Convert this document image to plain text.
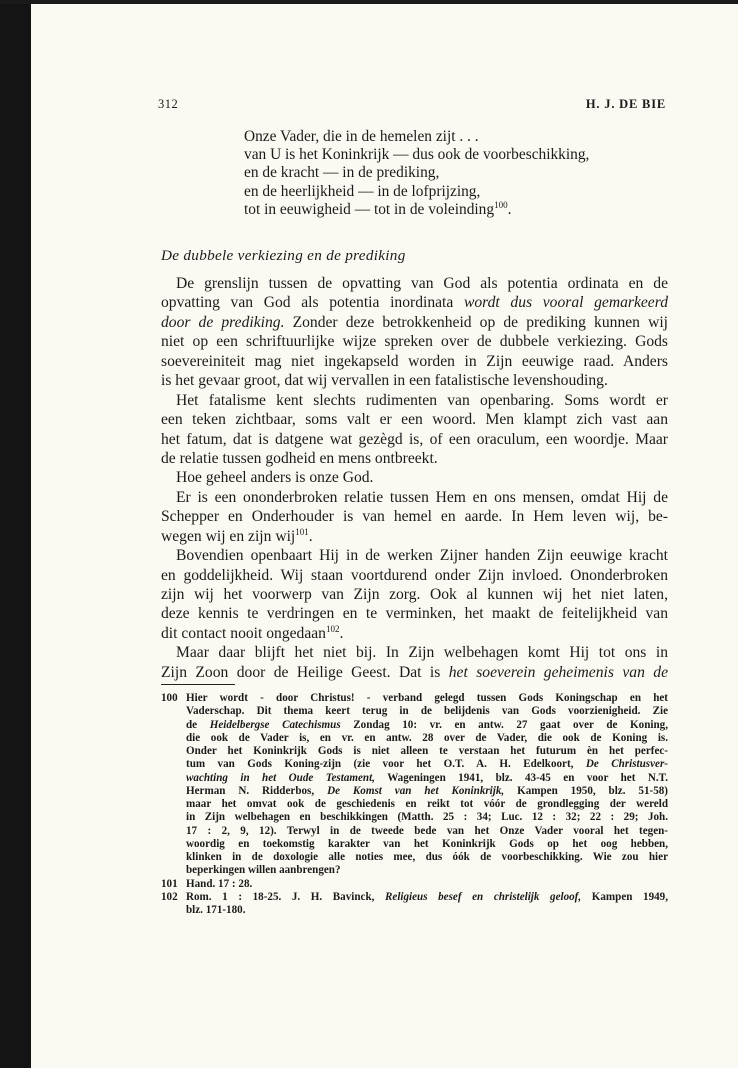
312	H. J. DE BIE
Onze Vader, die in de hemelen zijt . . .
van U is het Koninkrijk — dus ook de voorbeschikking,
en de kracht — in de prediking,
en de heerlijkheid — in de lofprijzing,
tot in eeuwigheid — tot in de voleinding$^{100}$.
De dubbele verkiezing en de prediking
De grenslijn tussen de opvatting van God als potentia ordinata en de
opvatting van God als potentia inordinata wordt dus vooral gemarkeerd
door de prediking. Zonder deze betrokkenheid op de prediking kunnen wij
niet op een schriftuurlijke wijze spreken over de dubbele verkiezing. Gods
soevereiniteit mag niet ingekapseld worden in Zijn eeuwige raad. Anders
is het gevaar groot, dat wij vervallen in een fatalistische levenshouding.
Het fatalisme kent slechts rudimenten van openbaring. Soms wordt er
een teken zichtbaar, soms valt er een woord. Men klampt zich vast aan
het fatum, dat is datgene wat gezègd is, of een oraculum, een woordje. Maar
de relatie tussen godheid en mens ontbreekt.
Hoe geheel anders is onze God.
Er is een ononderbroken relatie tussen Hem en ons mensen, omdat Hij de
Schepper en Onderhouder is van hemel en aarde. In Hem leven wij, be-
wegen wij en zijn wij$^{101}$.
Bovendien openbaart Hij in de werken Zijner handen Zijn eeuwige kracht
en goddelijkheid. Wij staan voortdurend onder Zijn invloed. Ononderbroken
zijn wij het voorwerp van Zijn zorg. Ook al kunnen wij het niet laten,
deze kennis te verdringen en te verminken, het maakt de feitelijkheid van
dit contact nooit ongedaan$^{102}$.
Maar daar blijft het niet bij. In Zijn welbehagen komt Hij tot ons in
Zijn Zoon door de Heilige Geest. Dat is het soeverein geheimenis van de
100 Hier wordt - door Christus! - verband gelegd tussen Gods Koningschap en het
Vaderschap. Dit thema keert terug in de belijdenis van Gods voorzienigheid. Zie
de Heidelbergse Catechismus Zondag 10: vr. en antw. 27 gaat over de Koning,
die ook de Vader is, en vr. en antw. 28 over de Vader, die ook de Koning is.
Onder het Koninkrijk Gods is niet alleen te verstaan het futurum èn het perfec-
tum van Gods Koning-zijn (zie voor het O.T. A. H. Edelkoort, De Christusver-
wachting in het Oude Testament, Wageningen 1941, blz. 43-45 en voor het N.T.
Herman N. Ridderbos, De Komst van het Koninkrijk, Kampen 1950, blz. 51-58)
maar het omvat ook de geschiedenis en reikt tot vóór de grondlegging der wereld
in Zijn welbehagen en beschikkingen (Matth. 25 : 34; Luc. 12 : 32; 22 : 29; Joh.
17 : 2, 9, 12). Terwyl in de tweede bede van het Onze Vader vooral het tegen-
woordig en toekomstig karakter van het Koninkrijk Gods op het oog hebben,
klinken in de doxologie alle noties mee, dus óók de voorbeschikking. Wie zou hier
beperkingen willen aanbrengen?
101 Hand. 17 : 28.
102 Rom. 1 : 18-25. J. H. Bavinck, Religieus besef en christelijk geloof, Kampen 1949,
blz. 171-180.
